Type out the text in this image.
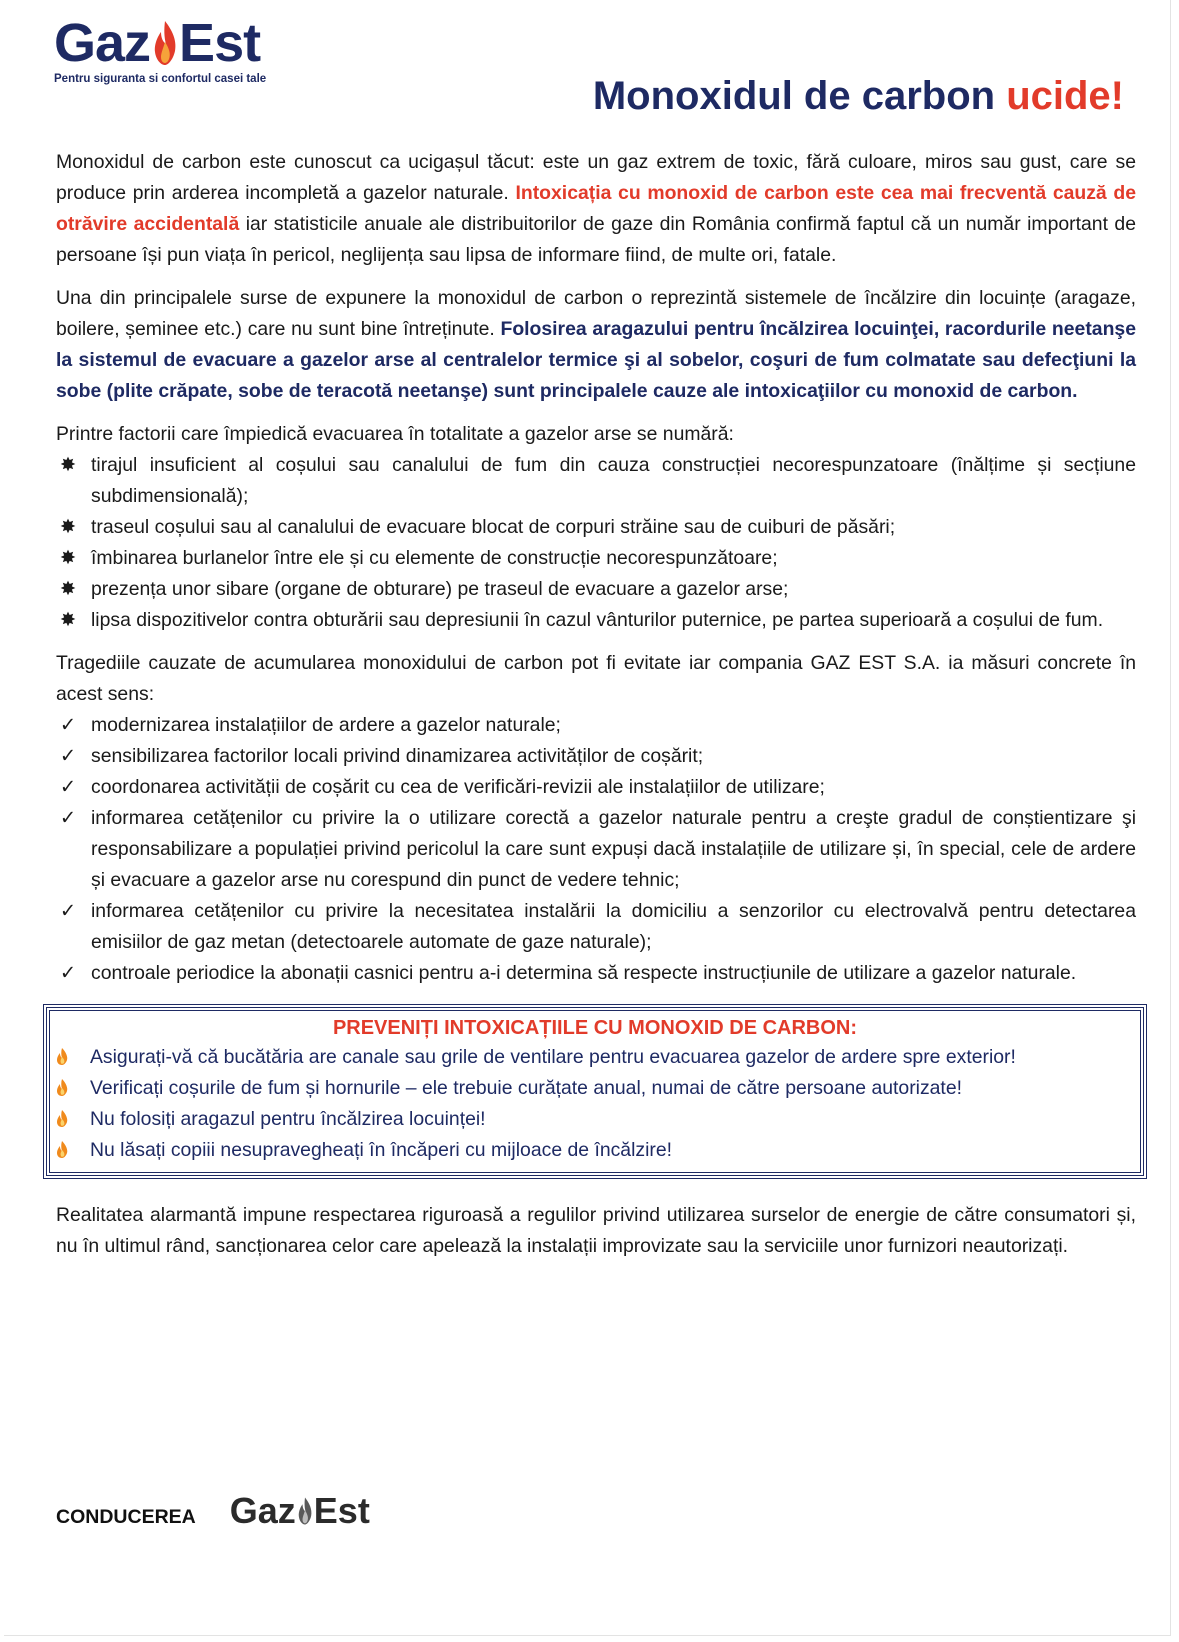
Gaz Est
Pentru siguranta si confortul casei tale	Monoxidul de carbon ucide!

Monoxidul de carbon este cunoscut ca ucigașul tăcut: este un gaz extrem de toxic, fără culoare, miros sau gust, care se produce prin arderea incompletă a gazelor naturale. Intoxicația cu monoxid de carbon este cea mai frecventă cauză de otrăvire accidentală iar statisticile anuale ale distribuitorilor de gaze din România confirmă faptul că un număr important de persoane își pun viața în pericol, neglijența sau lipsa de informare fiind, de multe ori, fatale.

Una din principalele surse de expunere la monoxidul de carbon o reprezintă sistemele de încălzire din locuințe (aragaze, boilere, șeminee etc.) care nu sunt bine întreținute. Folosirea aragazului pentru încălzirea locuinţei, racordurile neetanşe la sistemul de evacuare a gazelor arse al centralelor termice şi al sobelor, coşuri de fum colmatate sau defecţiuni la sobe (plite crăpate, sobe de teracotă neetanşe) sunt principalele cauze ale intoxicaţiilor cu monoxid de carbon.

Printre factorii care împiedică evacuarea în totalitate a gazelor arse se numără:

✸ tirajul insuficient al coșului sau canalului de fum din cauza construcției necorespunzatoare (înălțime și secțiune subdimensională);
✸ traseul coșului sau al canalului de evacuare blocat de corpuri străine sau de cuiburi de păsări;
✸ îmbinarea burlanelor între ele și cu elemente de construcție necorespunzătoare;
✸ prezența unor sibare (organe de obturare) pe traseul de evacuare a gazelor arse;
✸ lipsa dispozitivelor contra obturării sau depresiunii în cazul vânturilor puternice, pe partea superioară a coșului de fum.

Tragediile cauzate de acumularea monoxidului de carbon pot fi evitate iar compania GAZ EST S.A. ia măsuri concrete în acest sens:

✓ modernizarea instalațiilor de ardere a gazelor naturale;
✓ sensibilizarea factorilor locali privind dinamizarea activităților de coșărit;
✓ coordonarea activității de coșărit cu cea de verificări-revizii ale instalațiilor de utilizare;
✓ informarea cetățenilor cu privire la o utilizare corectă a gazelor naturale pentru a creşte gradul de conștientizare şi responsabilizare a populației privind pericolul la care sunt expuși dacă instalațiile de utilizare și, în special, cele de ardere și evacuare a gazelor arse nu corespund din punct de vedere tehnic;
✓ informarea cetățenilor cu privire la necesitatea instalării la domiciliu a senzorilor cu electrovalvă pentru detectarea emisiilor de gaz metan (detectoarele automate de gaze naturale);
✓ controale periodice la abonații casnici pentru a-i determina să respecte instrucțiunile de utilizare a gazelor naturale.
PREVENIȚI INTOXICAȚIILE CU MONOXID DE CARBON:
Asigurați-vă că bucătăria are canale sau grile de ventilare pentru evacuarea gazelor de ardere spre exterior!
Verificați coșurile de fum și hornurile – ele trebuie curățate anual, numai de către persoane autorizate!
Nu folosiți aragazul pentru încălzirea locuinței!
Nu lăsați copiii nesupravegheați în încăperi cu mijloace de încălzire!

Realitatea alarmantă impune respectarea riguroasă a regulilor privind utilizarea surselor de energie de către consumatori și, nu în ultimul rând, sancționarea celor care apelează la instalații improvizate sau la serviciile unor furnizori neautorizați.

CONDUCEREA Gaz Est
